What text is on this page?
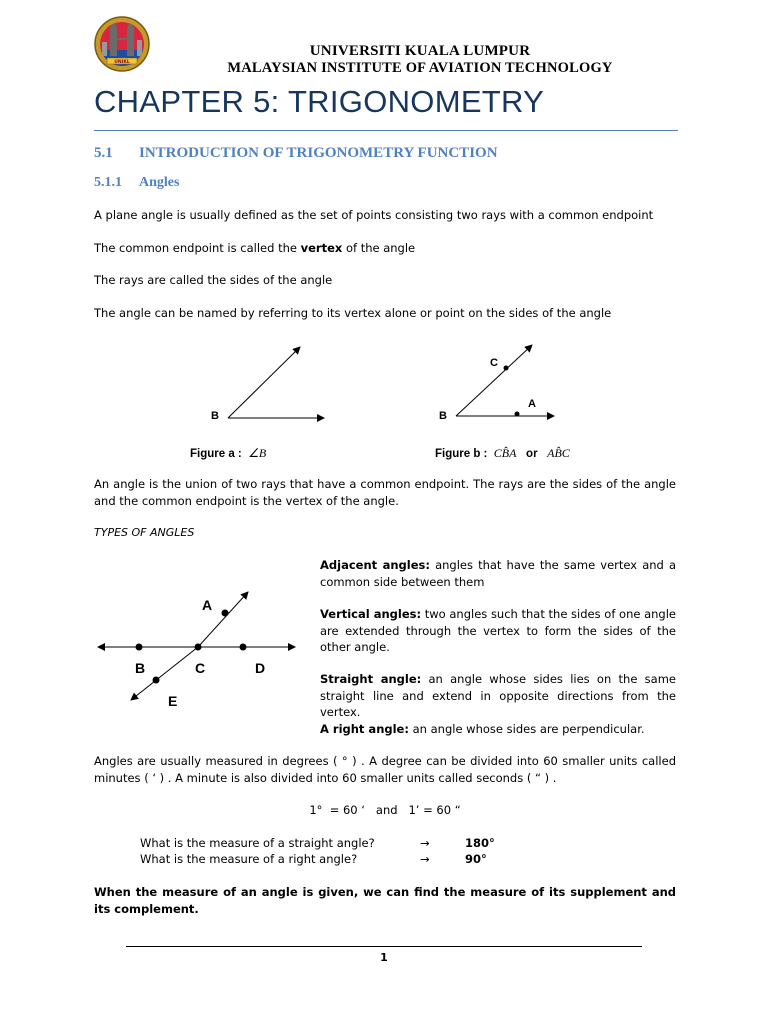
UNIKL
UNIVERSITI KUALA LUMPUR
MALAYSIAN INSTITUTE OF AVIATION TECHNOLOGY
CHAPTER 5: TRIGONOMETRY
5.1 INTRODUCTION OF TRIGONOMETRY FUNCTION
5.1.1 Angles
A plane angle is usually defined as the set of points consisting two rays with a common endpoint
The common endpoint is called the vertex of the angle
The rays are called the sides of the angle
The angle can be named by referring to its vertex alone or point on the sides of the angle
B
Figure a : ∠B
B
C
A
Figure b : CB̂A or AB̂C
An angle is the union of two rays that have a common endpoint. The rays are the sides of the angle and the common endpoint is the vertex of the angle.
TYPES OF ANGLES
A
B	C	D
E
Adjacent angles: angles that have the same vertex and a common side between them
Vertical angles: two angles such that the sides of one angle are extended through the vertex to form the sides of the other angle.
Straight angle: an angle whose sides lies on the same straight line and extend in opposite directions from the vertex.
A right angle: an angle whose sides are perpendicular.
Angles are usually measured in degrees ( ° ) . A degree can be divided into 60 smaller units called minutes ( ‘ ) . A minute is also divided into 60 smaller units called seconds ( “ ) .
1°  = 60 ‘   and   1’ = 60 “
What is the measure of a straight angle?	→	180°
What is the measure of a right angle?	→	90°
When the measure of an angle is given, we can find the measure of its supplement and its complement.
1
